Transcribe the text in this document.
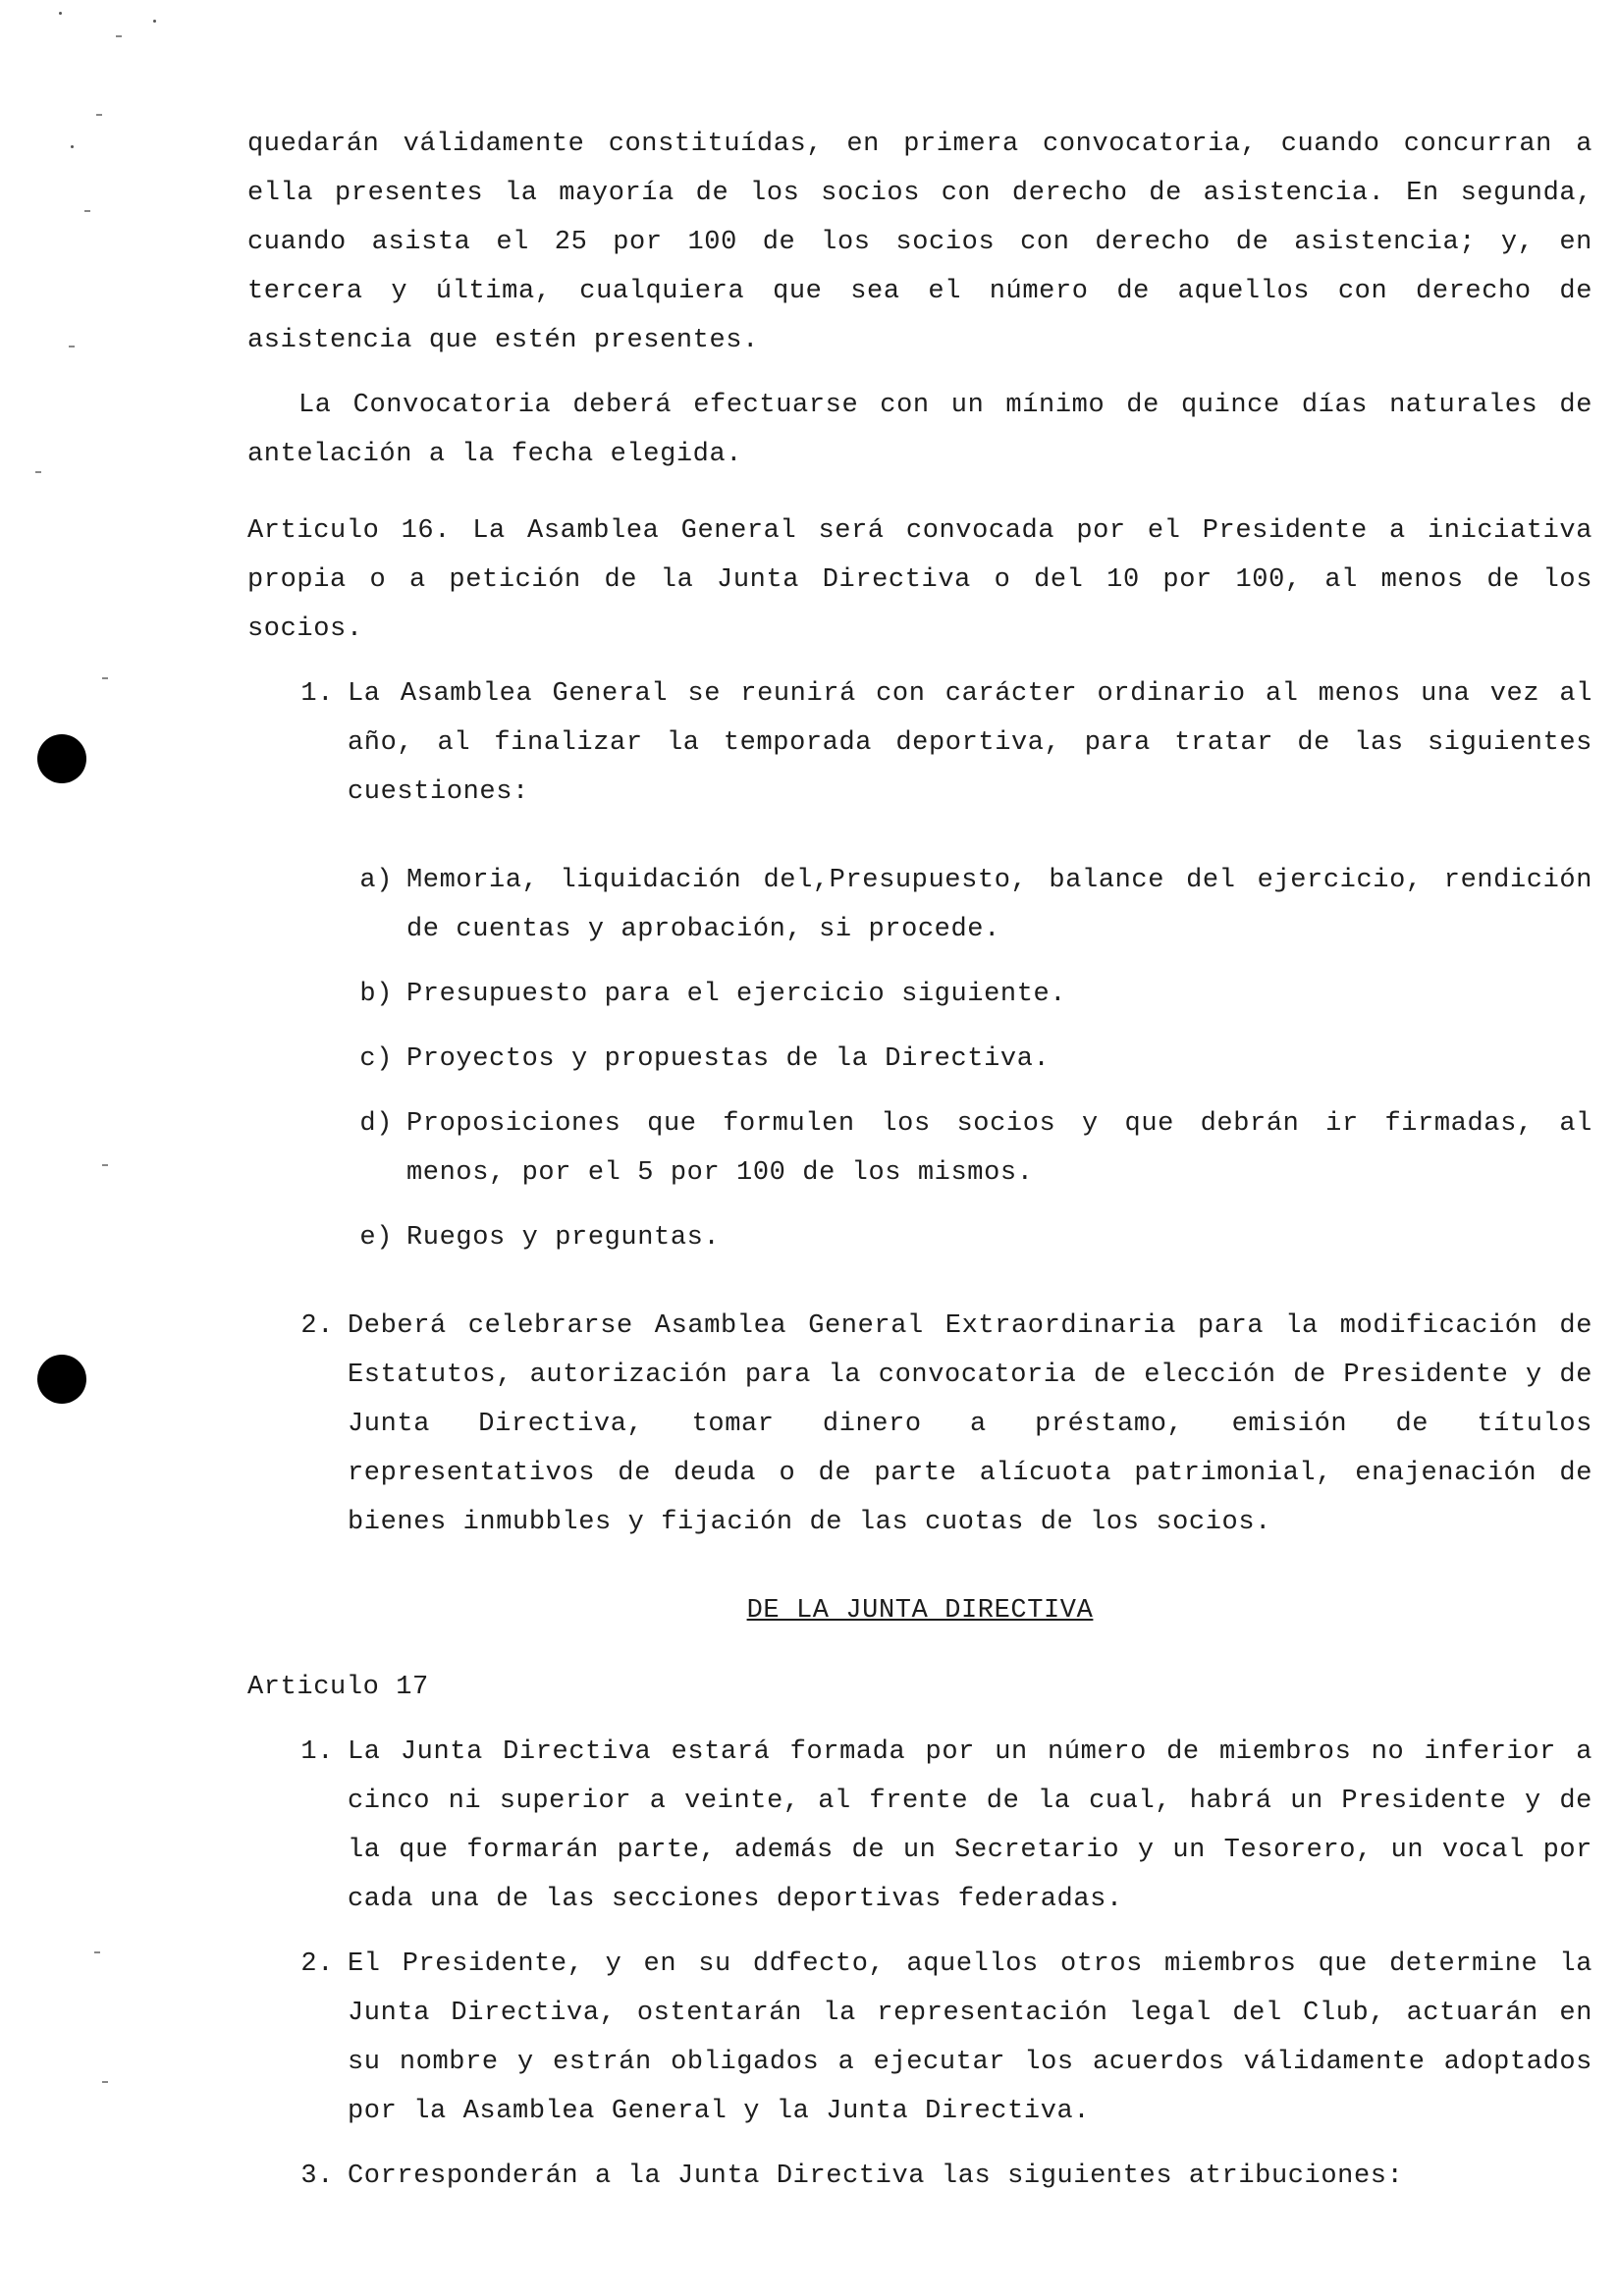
quedarán válidamente constituídas, en primera convocatoria, cuando concurran a ella presentes la mayoría de los socios con derecho de asistencia. En segunda, cuando asista el 25 por 100 de los socios con derecho de asistencia; y, en tercera y última, cualquiera que sea el número de aquellos con derecho de asistencia que estén presentes.

La Convocatoria deberá efectuarse con un mínimo de quince días naturales de antelación a la fecha elegida.

Articulo 16. La Asamblea General será convocada por el Presidente a iniciativa propia o a petición de la Junta Directiva o del 10 por 100, al menos de los socios.

1. La Asamblea General se reunirá con carácter ordinario al menos una vez al año, al finalizar la temporada deportiva, para tratar de las siguientes cuestiones:
a) Memoria, liquidación del,Presupuesto, balance del ejercicio, rendición de cuentas y aprobación, si procede.
b) Presupuesto para el ejercicio siguiente.
c) Proyectos y propuestas de la Directiva.
d) Proposiciones que formulen los socios y que debrán ir firmadas, al menos, por el 5 por 100 de los mismos.
e) Ruegos y preguntas.
2. Deberá celebrarse Asamblea General Extraordinaria para la modificación de Estatutos, autorización para la convocatoria de elección de Presidente y de Junta Directiva, tomar dinero a préstamo, emisión de títulos representativos de deuda o de parte alícuota patrimonial, enajenación de bienes inmubbles y fijación de las cuotas de los socios.

DE LA JUNTA DIRECTIVA

Articulo 17

1. La Junta Directiva estará formada por un número de miembros no inferior a cinco ni superior a veinte, al frente de la cual, habrá un Presidente y de la que formarán parte, además de un Secretario y un Tesorero, un vocal por cada una de las secciones deportivas federadas.
2. El Presidente, y en su ddfecto, aquellos otros miembros que determine la Junta Directiva, ostentarán la representación legal del Club, actuarán en su nombre y estrán obligados a ejecutar los acuerdos válidamente adoptados por la Asamblea General y la Junta Directiva.
3. Corresponderán a la Junta Directiva las siguientes atribuciones:
